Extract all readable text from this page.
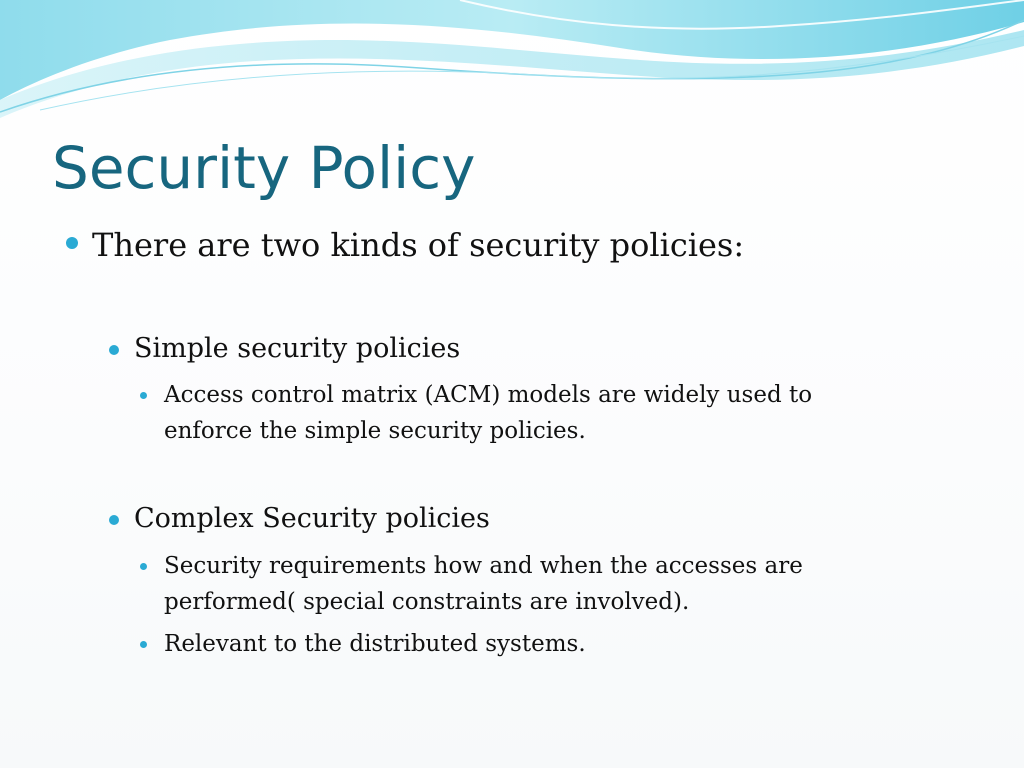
Security Policy
There are two kinds of security policies:
Simple security policies
Access control matrix (ACM) models are widely used to enforce the simple security policies.
Complex Security policies
Security requirements how and when the accesses are performed( special constraints are involved).
Relevant to the distributed systems.
